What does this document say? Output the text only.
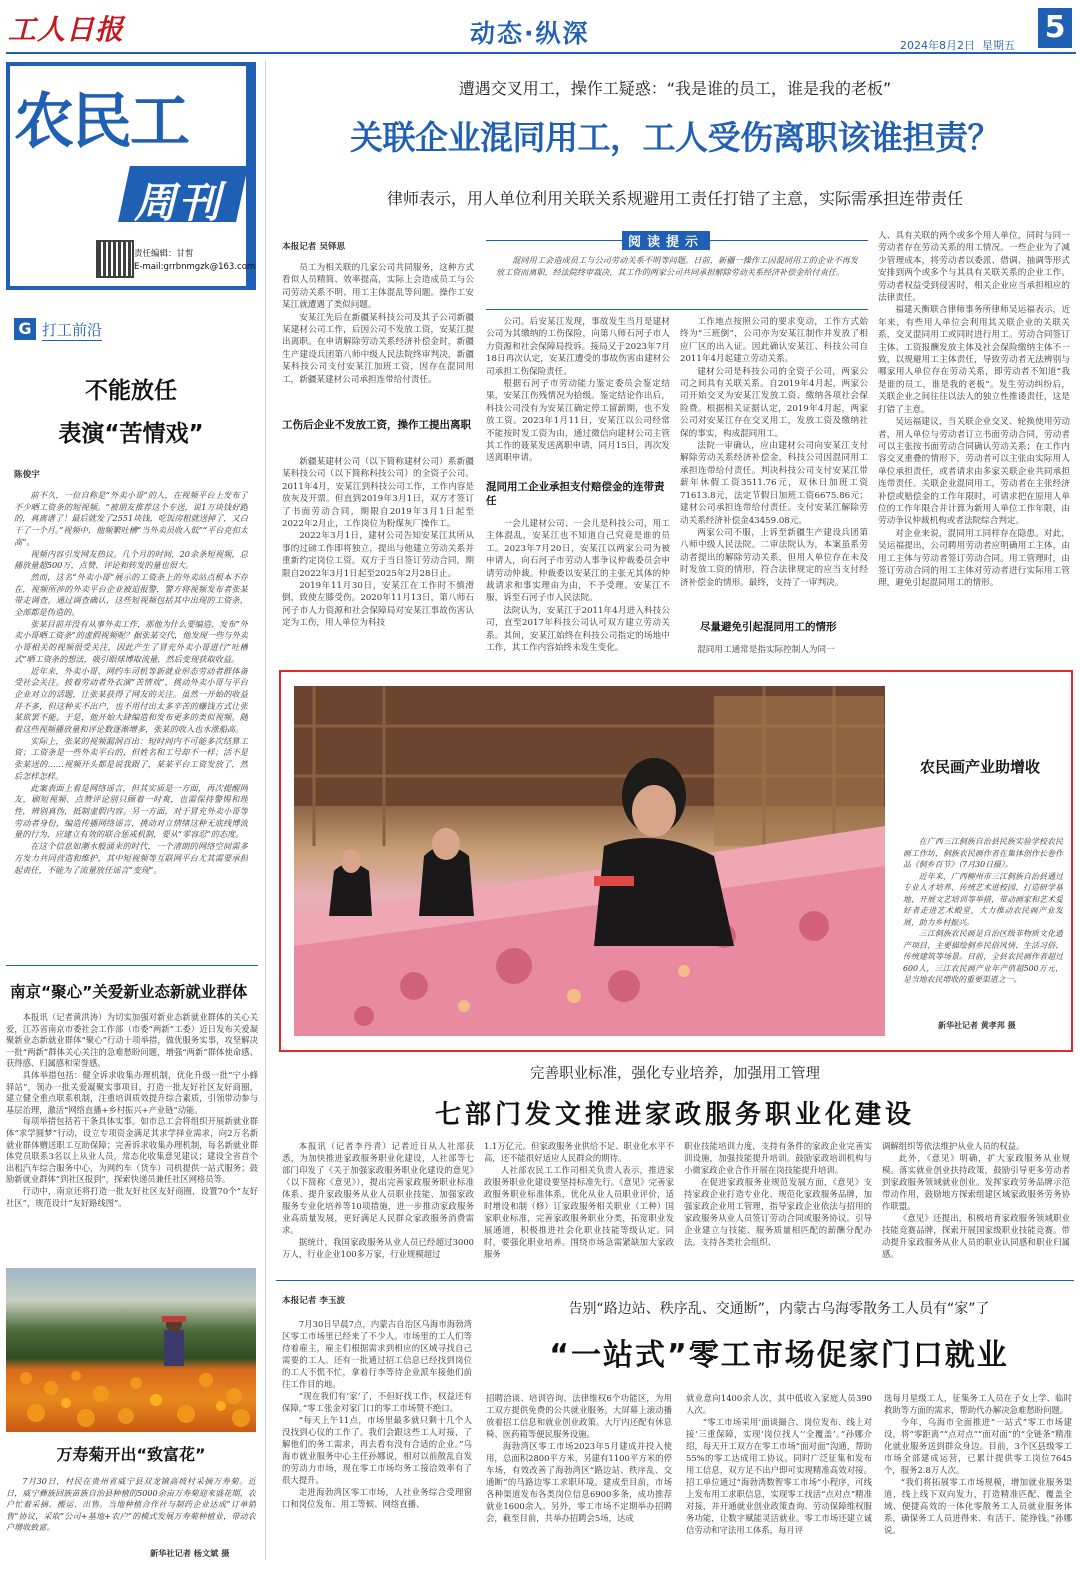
工人日报	动态·纵深	2024年8月2日 星期五
5
农民工
周刊
责任编辑：甘皙
E-mail:grrbnmgzk@163.com
G 打工前沿
不能放任
表演“苦情戏”
陈俊宇

前不久，一位自称是“外卖小哥”的人，在视频平台上发布了不少晒工资条的短视频。“被朋友推荐这个专送，说1万块钱好跑的，真离谱了！最后就发了2551块钱，吃饭房租就送掉了，又白干了一个月。”视频中，他频繁吐槽“当外卖员收入低”“平台克扣太高”。

视频内容引发网友热议。几个月的时间，20余条短视频，总播放量超500万，点赞、评论和转发的量也很大。

然而，这名“外卖小哥”展示的工资条上的外卖站点根本不存在，视频所涉的外卖平台企业被迫报警，警方将视频发布者张某带走调查。通过调查确认，这些短视频包括其中出现的工资条，全部都是伪造的。

张某目前并没有从事外卖工作，那他为什么要编造、发布“外卖小哥晒工资条”的虚假视频呢？据张某交代，他发现一些与外卖小哥相关的视频很受关注，因此产生了冒充外卖小哥进行“吐槽式”晒工资条的想法，吸引眼球博取流量，然后变现获取收益。

近年来，外卖小哥、网约车司机等新就业形态劳动者群体备受社会关注。披着劳动者外衣演“苦情戏”，挑动外卖小哥与平台企业对立的话题，让张某获得了网友的关注。虽然一开始的收益并不多，但这种买不出户，也不用付出太多辛苦的赚钱方式让张某欲罢不能。于是，他开始大肆编造和发布更多的类似视频。随着这些视频播放量和评论数逐渐增多，张某的收入也水涨船高。

实际上，张某的视频漏洞百出：短时间内不可能多次结算工资；工资条是一些外卖平台的，但姓名和工号却不一样；活不是张某送的……视频开头都是说我跟了，某某平台工资发放了，然后怎样怎样。

此案表面上看是网络谣言，但其实质是一方面，再次提醒网友，刷短视频、点赞评论别只顾着一时爽，也需保持警惕和理性，辨别真伪，抵制虚假内容。另一方面，对于冒充外卖小哥等劳动者身份，编造传播网络谣言，挑动对立情绪这种无底线博流量的行为，应建立有效的联合惩戒机制，要从“零容忍”的态度。

在这个信息如潮水般涌来的时代，一个清朗的网络空间需多方发力共同营造和维护，其中短视频等互联网平台尤其需要承担起责任，不能为了流量放任谣言“变现”。

南京“聚心”关爱新业态新就业群体

本报讯（记者黄洪涛）为切实加强对新业态新就业群体的关心关爱，江苏省南京市委社会工作部（市委“两新”工委）近日发布关爱凝聚新业态新就业群体“聚心”行动十项举措，做优服务实事，攻坚解决一批“两新”群体关心关注的急难愁盼问题，增强“两新”群体使命感、获得感、归属感和荣誉感。

具体举措包括：健全诉求收集办理机制，优化升级一批“宁小蜂驿站”，领办一批关爱凝聚实事项目，打造一批友好社区友好商圈，建立健全重点联系机制，注重培训质效提升综合素质，引领带动参与基层治理，激活“网络直播+乡村振兴+产业链”动能。

每项举措包括若干条具体实事。如市总工会将组织开展新就业群体“求学圆梦”行动，设立专项资金满足其求学择业需求，向2万名新就业群体赠送职工互助保障；完善诉求收集办理机制，每名新就业群体党员联系3名以上从业人员，常态化收集意见建议；建设全省首个出租汽车综合服务中心，为网约车（货车）司机提供一站式服务；鼓励新就业群体“到社区报到”，探索快递员兼任社区网格员等。

行动中，南京还将打造一批友好社区友好商圈，设置70个“友好社区”，规范设计“友好路线图”。

万寿菊开出“致富花”

7月30日，村民在贵州省威宁县双龙镇高坡村采摘万寿菊。近日，威宁彝族回族苗族自治县种植的5000余亩万寿菊迎来盛花期，农户忙着采摘、搬运、出售。当地种植合作社与制药企业达成“订单销售”协议，采取“公司+基地+农户”的模式发展万寿菊种植业，带动农户增收致富。

新华社记者 杨文斌 摄
遭遇交叉用工，操作工疑惑：“我是谁的员工，谁是我的老板”
关联企业混同用工，工人受伤离职该谁担责？
律师表示，用人单位利用关联关系规避用工责任打错了主意，实际需承担连带责任
本报记者 吴铎思

员工为相关联的几家公司共同服务，这种方式看似人员精简、效率提高，实际上会造成员工与公司劳动关系不明、用工主体混乱等问题。操作工安某江就遭遇了类似问题。

安某江先后在新疆某科技公司及其子公司新疆某建材公司工作，后因公司不发放工资，安某江提出离职。在申请解除劳动关系经济补偿金时，新疆生产建设兵团第八师中级人民法院终审判决，新疆某科技公司支付安某江加班工资，因存在混同用工，新疆某建材公司承担连带给付责任。

工伤后企业不发放工资，操作工提出离职

新疆某建材公司（以下简称建材公司）系新疆某科技公司（以下简称科技公司）的全资子公司。2011年4月，安某江到科技公司工作，工作内容是放灰及开票。但直到2019年3月1日，双方才签订了书面劳动合同，期限自2019年3月1日起至2022年2月止，工作岗位为粉煤灰厂操作工。

2022年3月1日，建材公司告知安某江其所从事的过磅工作即将独立，提出与他建立劳动关系并重新约定岗位工资。双方于当日签订劳动合同，期限自2022年3月1日起至2025年2月28日止。

2019年11月30日，安某江在工作时不慎滑倒，致使左膝受伤。2020年11月13日，第八师石河子市人力资源和社会保障局对安某江事故伤害认定为工伤，用人单位为科技

阅读提示
混同用工会造成员工与公司劳动关系不明等问题。日前，新疆一操作工因混同用工的企业不再发放工资而离职，经法院终审裁决，其工作的两家公司共同承担解除劳动关系经济补偿金给付责任。

公司。后安某江发现，事故发生当月是建材公司为其缴纳的工伤保险，向第八师石河子市人力资源和社会保障局投诉。接局又于2023年7月18日再次认定，安某江遭受的事故伤害由建材公司承担工伤保险责任。

根据石河子市劳动能力鉴定委员会鉴定结果，安某江伤残情况为拾级。鉴定结论作出后，科技公司没有为安某江确定停工留薪期，也不发放工资。2023年1月11日，安某江以公司经常不能按时发工资为由，通过微信向建材公司主管其工作的聂某发送离职申请，同月15日，再次发送离职申请。

混同用工企业承担支付赔偿金的连带责任

一会儿建材公司、一会儿是科技公司，用工主体混乱，安某江也不知道自己究竟是谁的员工。2023年7月20日，安某江以两家公司为被申请人，向石河子市劳动人事争议仲裁委员会申请劳动仲裁。仲裁委以安某江的主张无其体的仲裁请求和事实理由为由，不予受理。安某江不服，诉至石河子市人民法院。

法院认为，安某江于2011年4月进入科技公司，直至2017年科技公司认可双方建立劳动关系。其间，安某江始终在科技公司指定的场地中工作，其工作内容始终未发生变化。

工作地点按照公司的要求变动，工作方式始终为“三班倒”，公司亦为安某江制作并发放了相应厂区的出入证。因此确认安某江、科技公司自2011年4月起建立劳动关系。

建材公司是科技公司的全资子公司，两家公司之间具有关联关系。自2019年4月起，两家公司开始交叉为安某江发放工资、缴纳各项社会保险费。根据相关证据认定，2019年4月起，两家公司对安某江存在交叉用工，发放工资及缴纳社保的事实，构成混同用工。

法院一审确认，应由建材公司向安某江支付解除劳动关系经济补偿金，科技公司因混同用工承担连带给付责任。判决科技公司支付安某江带薪年休假工资3511.76元，双休日加班工资71613.8元，法定节假日加班工资6675.86元；建材公司承担连带给付责任。支付安某江解除劳动关系经济补偿金43459.08元。

两家公司不服，上诉至新疆生产建设兵团第八师中级人民法院。二审法院认为，本案虽系劳动者提出的解除劳动关系，但用人单位存在未及时发放工资的情形，符合法律规定的应当支付经济补偿金的情形。最终，支持了一审判决。

尽量避免引起混同用工的情形

混同用工通常是指实际控制人为同一

人、具有关联的两个或多个用人单位，同时与同一劳动者存在劳动关系的用工情况。一些企业为了减少管理成本，将劳动者以委派、借调、抽调等形式安排到两个或多个与其具有关联关系的企业工作。劳动者权益受到侵害时，相关企业应当承担相应的法律责任。

福建天衡联合律师事务所律师吴运福表示，近年来，有些用人单位会利用其关联企业的关联关系，交叉混同用工或同时进行用工。劳动合同签订主体、工资报酬发放主体及社会保险缴纳主体不一致，以规避用工主体责任，导致劳动者无法辨别与哪家用人单位存在劳动关系，即劳动者不知道“我是谁的员工，谁是我的老板”。发生劳动纠纷后，关联企业之间往往以法人的独立性推诿责任，这是打错了主意。

吴运福建议，当关联企业交叉、轮换使用劳动者，用人单位与劳动者订立书面劳动合同，劳动者可以主张按书面劳动合同确认劳动关系；在工作内容交叉重叠的情形下，劳动者可以主张由实际用人单位承担责任，或者请求由多家关联企业共同承担连带责任。关联企业混同用工，劳动者在主张经济补偿或赔偿金的工作年限时，可请求把在原用人单位的工作年限合并计算为新用人单位工作年限，由劳动争议仲裁机构或者法院综合判定。

对企业来说，混同用工同样存在隐患。对此，吴运福提出，公司聘用劳动者应明确用工主体，由用工主体与劳动者签订劳动合同。用工管理时，由签订劳动合同的用工主体对劳动者进行实际用工管理，避免引起混同用工的情形。

农民画产业助增收

在广西三江侗族自治县民族实验学校农民画工作坊，侗族农民画作者在集体创作长卷作品《侗乡百节》（7月30日摄）。

近年来，广西柳州市三江侗族自治县通过专业人才培养、传统艺术进校园、打造研学基地、开展文艺培训等举措，带动画家和艺术爱好者走进艺术殿堂，大力推动农民画产业发展，助力乡村振兴。

三江侗族农民画是自治区级非物质文化遗产项目，主要描绘侗乡民俗风情、生活习俗、传统建筑等场景。目前，全县农民画作者超过600人，三江农民画产业年产值超500万元，是当地农民增收的重要渠道之一。

新华社记者 黄孝邦 摄
完善职业标准，强化专业培养，加强用工管理
七部门发文推进家政服务职业化建设

本报讯（记者李丹青）记者近日从人社部获悉，为加快推进家政服务职业化建设，人社部等七部门印发了《关于加强家政服务职业化建设的意见》（以下简称《意见》），提出完善家政服务职业标准体系、提升家政服务从业人员职业技能、加强家政服务专业化培养等10项措施，进一步推动家政服务业高质量发展，更好满足人民群众家政服务消费需求。

据统计，我国家政服务从业人员已经超过3000万人，行业企业100多万家，行业规模超过

1.1万亿元。但家政服务业供给不足、职业化水平不高，还不能很好适应人民群众的期待。

人社部农民工工作司相关负责人表示，推进家政服务职业化建设要坚持标准先行。《意见》完善家政服务职业标准体系，优化从业人员职业评价，适时增设和制（修）订家政服务相关职业（工种）国家职业标准，完善家政服务职业分类，拓宽职业发展通道，积极推进社会化职业技能等级认定。同时，要强化职业培养。围绕市场急需紧缺加大家政服务

职业技能培训力度，支持有条件的家政企业完善实训设施，加强技能提升培训。鼓励家政培训机构与小微家政企业合作开展在岗技能提升培训。

在促进家政服务业规范发展方面，《意见》支持家政企业打造专业化、规范化家政服务品牌，加强家政企业用工管理，指导家政企业依法与招用的家政服务从业人员签订劳动合同或服务协议。引导企业建立与技能、服务质量相匹配的薪酬分配办法。支持各类社会组织、

调解组织等依法维护从业人员的权益。

此外，《意见》明确，扩大家政服务从业规模。落实就业创业扶持政策，鼓励引导更多劳动者到家政服务领域就业创业。发挥家政劳务品牌示范带动作用，鼓励地方探索组建区域家政服务劳务协作联盟。

《意见》还提出，积极培育家政服务领域职业技能竞赛品牌，探索开展国家级职业技能竞赛。带动提升家政服务从业人员的职业认同感和职业归属感。

本报记者 李玉波	告别“路边站、秩序乱、交通断”，内蒙古乌海零散务工人员有“家”了
“一站式”零工市场促家门口就业

7月30日早晨7点，内蒙古自治区乌海市海勃湾区零工市场里已经来了不少人。市场里的工人们等待着雇主，雇主们根据需求到相应的区域寻找自己需要的工人。还有一批通过招工信息已经找到岗位的工人不慌不忙，拿着行李等待企业派车接他们前往工作目的地。

“现在我们有‘家’了，不但好找工作，权益还有保障。”零工张金对家门口的零工市场赞不绝口。

“每天上午11点，市场里最多就只剩十几个人没找到心仪的工作了。我们会跟这些工人对接，了解他们的务工需求，再去看有没有合适的企业。”乌海市就业服务中心主任孙娜说，相对以前散乱自发的劳动力市场，现在零工市场均务工接洽效率有了很大提升。

走进海勃湾区零工市场，人社业务综合受理窗口和岗位发布、用工等候、网络直播、

招聘洽谈、培训咨询、法律维权6个功能区，为用工双方提供免费的公共就业服务。大屏幕上滚动播放着招工信息和就业创业政策。大厅内还配有休息椅、医药箱等便民服务设施。

海勃湾区零工市场2023年5月建成并投入使用，总面积2800平方米，另建有1100平方米的停车场，有效改善了海勃湾区“路边站、秩序乱、交通断”的马路边零工求职环境。建成至目前，市场各种渠道发布各类岗位信息6900多条，成功推荐就业1600余人。另外，零工市场不定期举办招聘会，截至目前，共举办招聘会5场，达成

就业意向1400余人次，其中低收入家庭人员390人次。

“零工市场采用‘面谈撮合、岗位发布、线上对接’三重保障，实现‘岗位找人’‘全覆盖’。”孙娜介绍，每天开工双方在零工市场“面对面”沟通，帮助55%的零工达成用工协议。同时广泛征集和发布用工信息，双方足不出户即可实现精准高效对接。招工单位通过“海勃湾数智零工市场”小程序，可线上发布用工求职信息，实现零工找活“点对点”精准对接，并开通就业创业政策查询、劳动保障维权服务功能，让数字赋能灵活就业。零工市场还建立诚信劳动和守法用工体系，每月评

选每月星级工人，征集务工人员在子女上学、临时救助等方面的需求，帮助代办解决急难愁盼问题。

今年，乌海市全面推进“一站式”零工市场建设，将“零距离”“点对点”“面对面”的“全链条”精准化就业服务送到群众身边。目前，3个区县级零工市场全部建成运营，已累计提供零工岗位7645个，服务2.8万人次。

“我们将拓展零工市场规模，增加就业服务渠道，线上线下双向发力，打造精准匹配、覆盖全域、便捷高效的一体化零散务工人员就业服务体系，确保务工人员进得来、有活干、能挣钱。”孙娜说。
